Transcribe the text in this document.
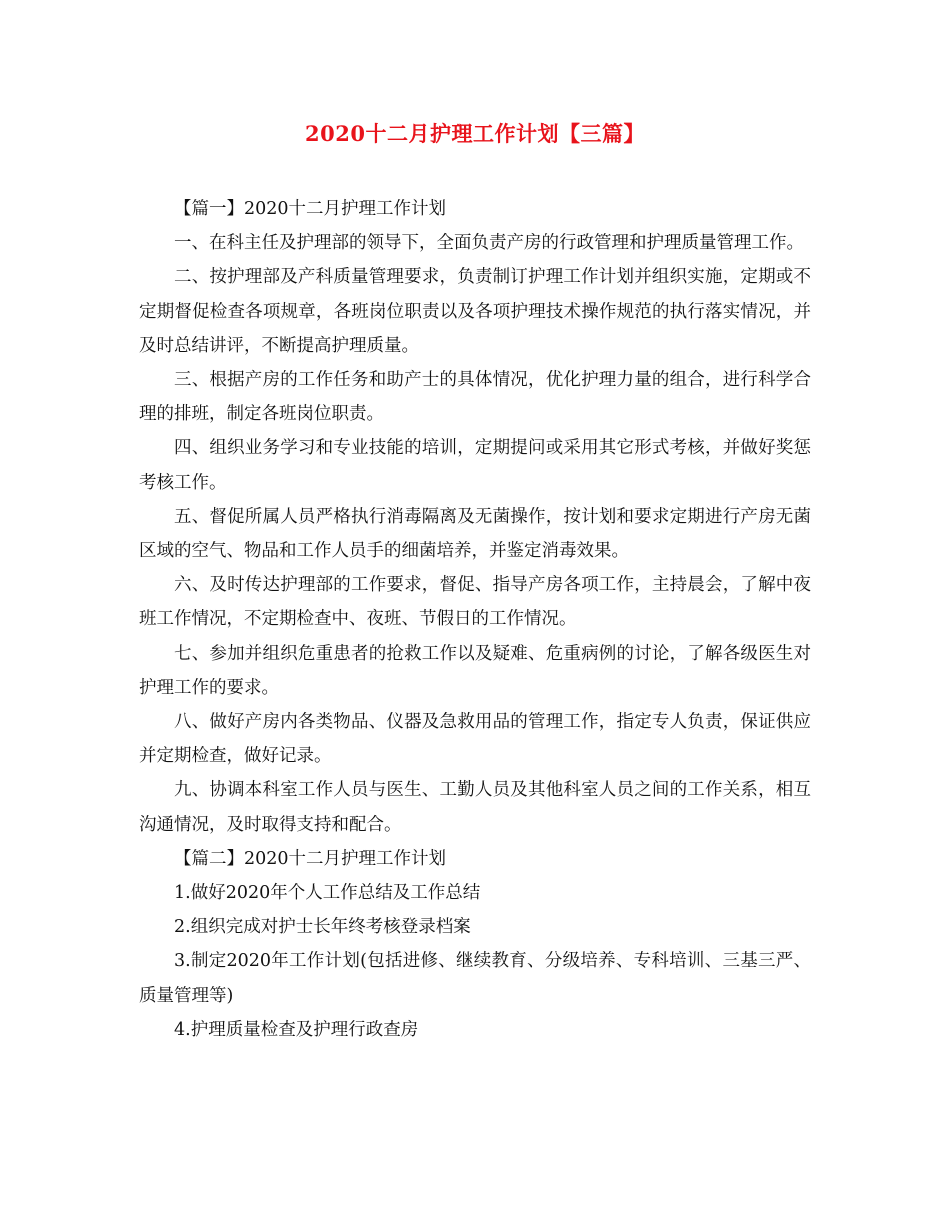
2020十二月护理工作计划【三篇】

【篇一】2020十二月护理工作计划

一、在科主任及护理部的领导下，全面负责产房的行政管理和护理质量管理工作。

二、按护理部及产科质量管理要求，负责制订护理工作计划并组织实施，定期或不定期督促检查各项规章，各班岗位职责以及各项护理技术操作规范的执行落实情况，并及时总结讲评，不断提高护理质量。

三、根据产房的工作任务和助产士的具体情况，优化护理力量的组合，进行科学合理的排班，制定各班岗位职责。

四、组织业务学习和专业技能的培训，定期提问或采用其它形式考核，并做好奖惩考核工作。

五、督促所属人员严格执行消毒隔离及无菌操作，按计划和要求定期进行产房无菌区域的空气、物品和工作人员手的细菌培养，并鉴定消毒效果。

六、及时传达护理部的工作要求，督促、指导产房各项工作，主持晨会，了解中夜班工作情况，不定期检查中、夜班、节假日的工作情况。

七、参加并组织危重患者的抢救工作以及疑难、危重病例的讨论，了解各级医生对护理工作的要求。

八、做好产房内各类物品、仪器及急救用品的管理工作，指定专人负责，保证供应并定期检查，做好记录。

九、协调本科室工作人员与医生、工勤人员及其他科室人员之间的工作关系，相互沟通情况，及时取得支持和配合。

【篇二】2020十二月护理工作计划

1.做好2020年个人工作总结及工作总结

2.组织完成对护士长年终考核登录档案

3.制定2020年工作计划(包括进修、继续教育、分级培养、专科培训、三基三严、质量管理等)

4.护理质量检查及护理行政查房
